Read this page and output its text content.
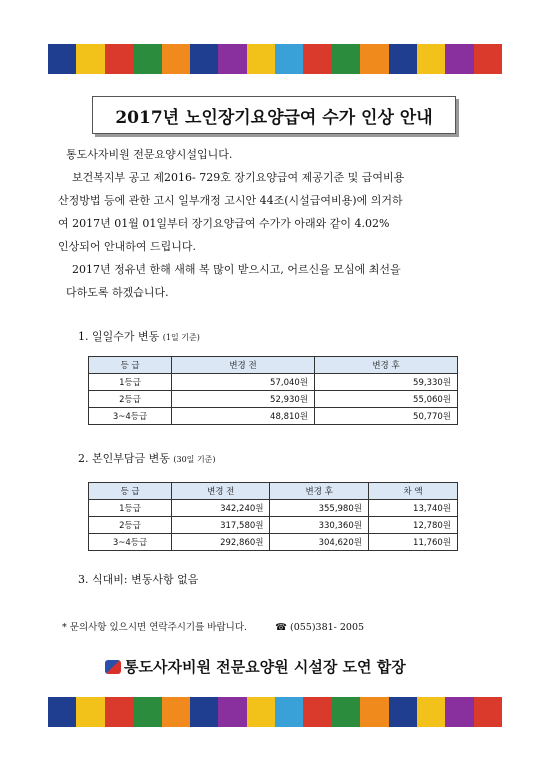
2017년 노인장기요양급여 수가 인상 안내

통도사자비원 전문요양시설입니다.

보건복지부 공고 제2016- 729호 장기요양급여 제공기준 및 급여비용

산정방법 등에 관한 고시 일부개정 고시안 44조(시설급여비용)에 의거하

여 2017년 01월 01일부터 장기요양급여 수가가 아래와 같이 4.02%

인상되어 안내하여 드립니다.

2017년 정유년 한해 새해 복 많이 받으시고, 어르신을 모심에 최선을

다하도록 하겠습니다.

1. 일일수가 변동 (1일 기준)
등 급	변경 전	변경 후
1등급	57,040원	59,330원
2등급	52,930원	55,060원
3~4등급	48,810원	50,770원
2. 본인부담금 변동 (30일 기준)
등 급	변경 전	변경 후	차 액
1등급	342,240원	355,980원	13,740원
2등급	317,580원	330,360원	12,780원
3~4등급	292,860원	304,620원	11,760원
3. 식대비: 변동사항 없음
* 문의사항 있으시면 연락주시기를 바랍니다.	☎ (055)381- 2005
통도사자비원 전문요양원 시설장 도연 합장
